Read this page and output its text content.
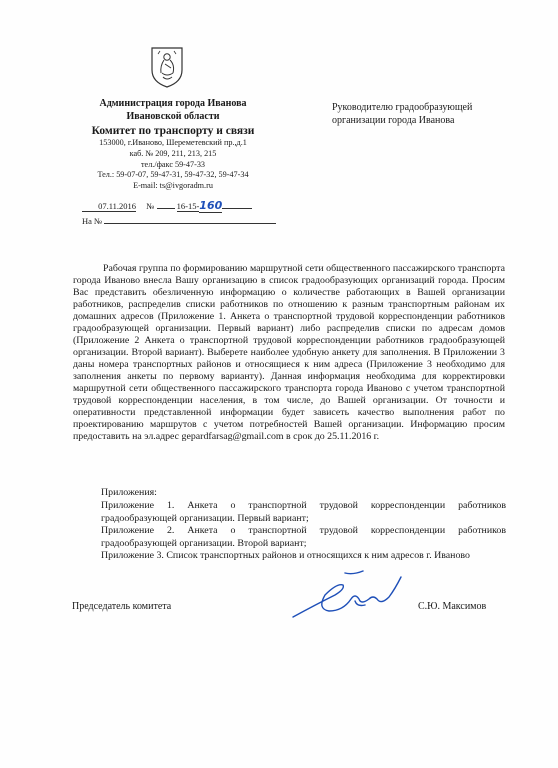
Администрация города Иванова
Ивановской области
Комитет по транспорту и связи
153000, г.Иваново, Шереметевский пр.,д.1
каб. № 209, 211, 213, 215
тел./факс 59-47-33
Тел.: 59-07-07, 59-47-31, 59-47-32, 59-47-34
E-mail: ts@ivgoradm.ru
07.11.2016 №	16-15-160
На №
Руководителю градообразующей
организации города Иванова
Рабочая группа по формированию маршрутной сети общественного пассажирского транспорта города Иваново внесла Вашу организацию в список градообразующих организаций города. Просим Вас представить обезличенную информацию о количестве работающих в Вашей организации работников, распределив списки работников по отношению к разным транспортным районам их домашних адресов (Приложение 1. Анкета о транспортной трудовой корреспонденции работников градообразующей организации. Первый вариант) либо распределив списки по адресам домов (Приложение 2 Анкета о транспортной трудовой корреспонденции работников градообразующей организации. Второй вариант). Выберете наиболее удобную анкету для заполнения. В Приложении 3 даны номера транспортных районов и относящиеся к ним адреса (Приложение 3 необходимо для заполнения анкеты по первому варианту). Данная информация необходима для корректировки маршрутной сети общественного пассажирского транспорта города Иваново с учетом транспортной трудовой корреспонденции населения, в том числе, до Вашей организации. От точности и оперативности представленной информации будет зависеть качество выполнения работ по проектированию маршрутов с учетом потребностей Вашей организации. Информацию просим предоставить на эл.адрес gepardfarsag@gmail.com в срок до 25.11.2016 г.
Приложения:
Приложение 1. Анкета о транспортной трудовой корреспонденции работников градообразующей организации. Первый вариант;
Приложение 2. Анкета о транспортной трудовой корреспонденции работников градообразующей организации. Второй вариант;
Приложение 3. Список транспортных районов и относящихся к ним адресов г. Иваново
Председатель комитета	С.Ю. Максимов
